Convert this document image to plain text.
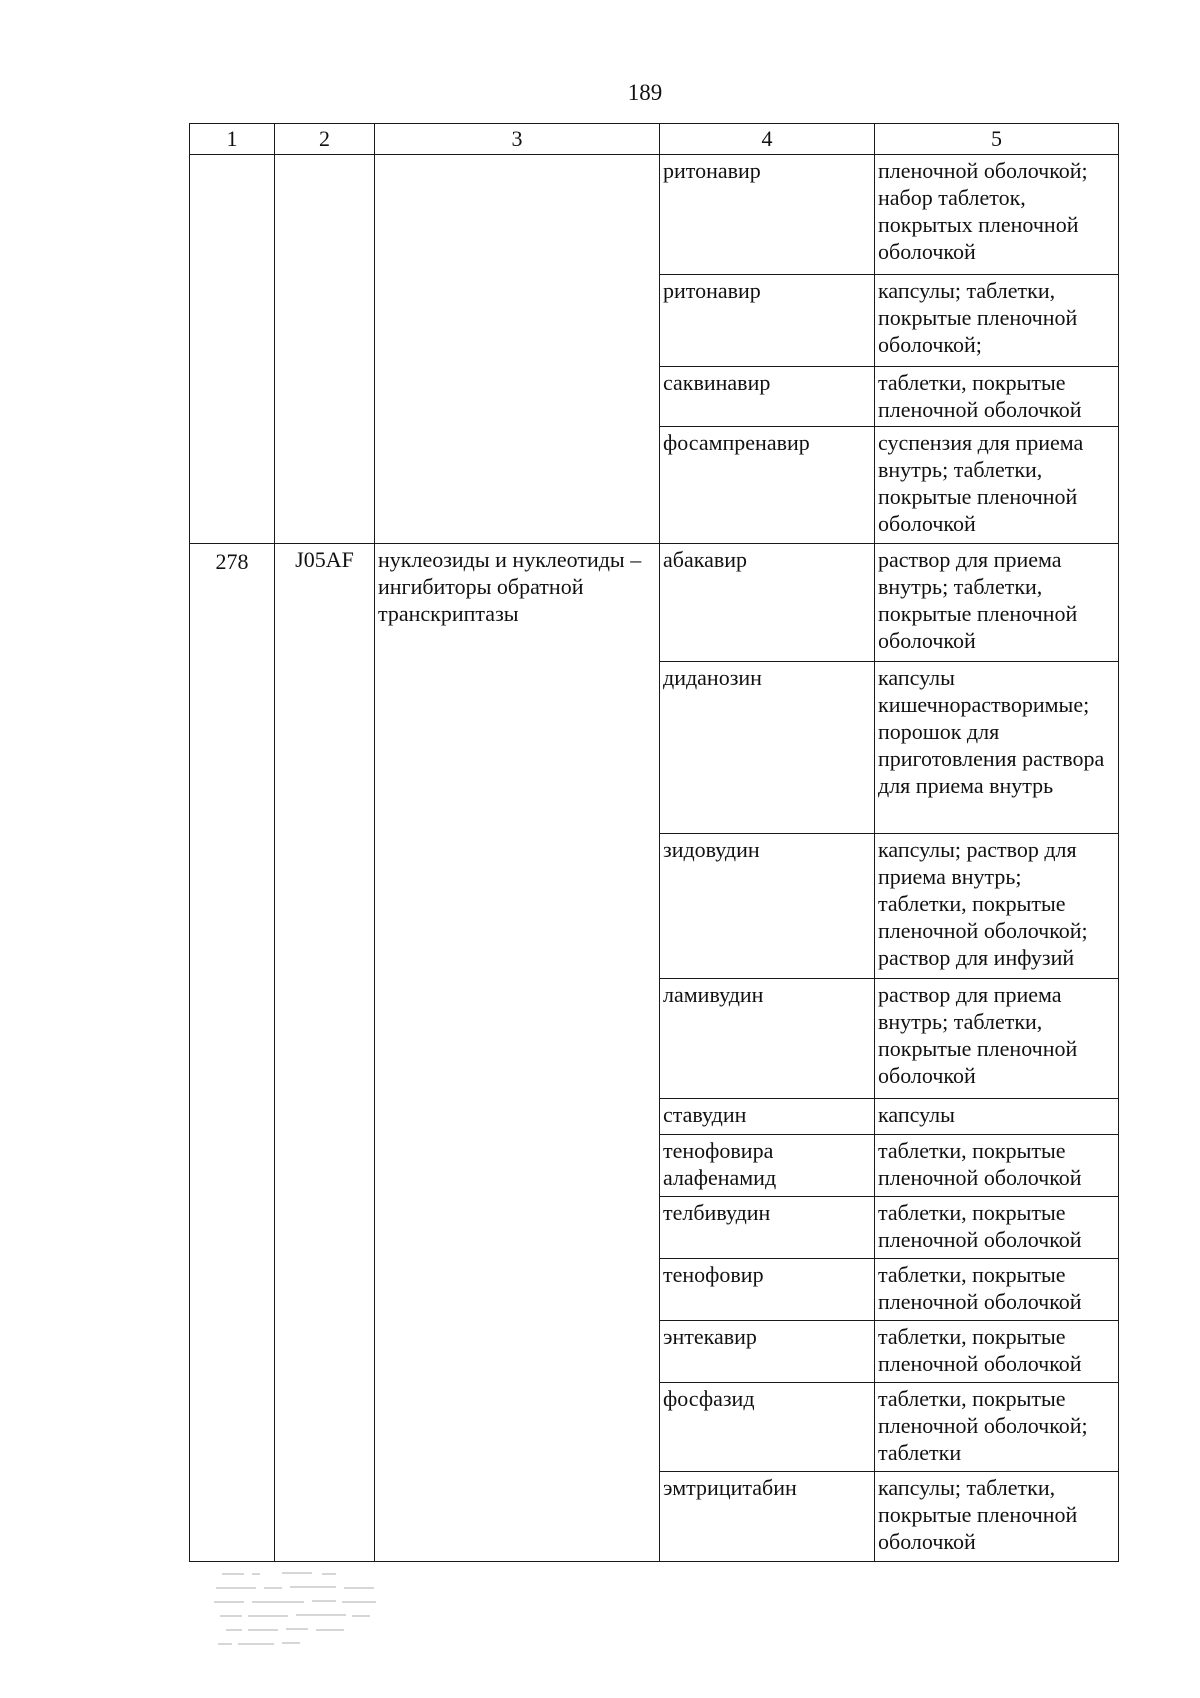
189
1	2	3	4	5
			ритонавир	пленочной оболочкой; набор таблеток, покрытых пленочной оболочкой
			ритонавир	капсулы; таблетки, покрытые пленочной оболочкой;
			саквинавир	таблетки, покрытые пленочной оболочкой
			фосампренавир	суспензия для приема внутрь; таблетки, покрытые пленочной оболочкой
278	J05AF	нуклеозиды и нуклеотиды – ингибиторы обратной транскриптазы	абакавир	раствор для приема внутрь; таблетки, покрытые пленочной оболочкой
			диданозин	капсулы кишечнорастворимые; порошок для приготовления раствора для приема внутрь
			зидовудин	капсулы; раствор для приема внутрь; таблетки, покрытые пленочной оболочкой; раствор для инфузий
			ламивудин	раствор для приема внутрь; таблетки, покрытые пленочной оболочкой
			ставудин	капсулы
			тенофовира алафенамид	таблетки, покрытые пленочной оболочкой
			телбивудин	таблетки, покрытые пленочной оболочкой
			тенофовир	таблетки, покрытые пленочной оболочкой
			энтекавир	таблетки, покрытые пленочной оболочкой
			фосфазид	таблетки, покрытые пленочной оболочкой; таблетки
			эмтрицитабин	капсулы; таблетки, покрытые пленочной оболочкой
